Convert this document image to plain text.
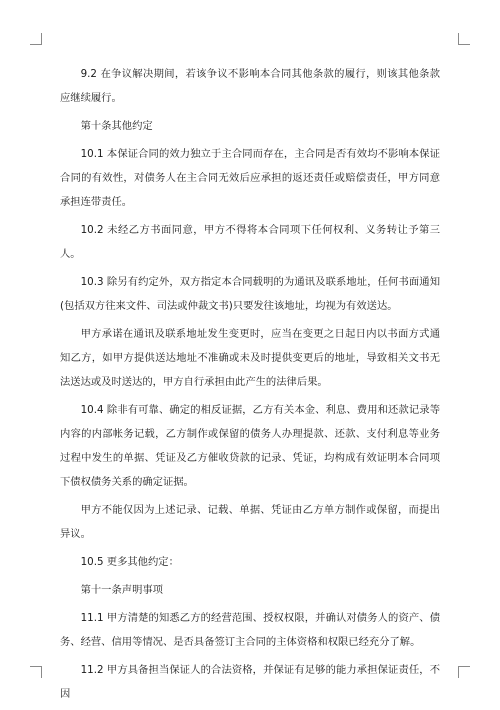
9.2 在争议解决期间，若该争议不影响本合同其他条款的履行，则该其他条款应继续履行。

第十条其他约定

10.1 本保证合同的效力独立于主合同而存在，主合同是否有效均不影响本保证合同的有效性，对债务人在主合同无效后应承担的返还责任或赔偿责任，甲方同意承担连带责任。

10.2 未经乙方书面同意，甲方不得将本合同项下任何权利、义务转让予第三人。

10.3 除另有约定外，双方指定本合同载明的为通讯及联系地址，任何书面通知(包括双方往来文件、司法或仲裁文书)只要发往该地址，均视为有效送达。

甲方承诺在通讯及联系地址发生变更时，应当在变更之日起日内以书面方式通知乙方，如甲方提供送达地址不准确或未及时提供变更后的地址，导致相关文书无法送达或及时送达的，甲方自行承担由此产生的法律后果。

10.4 除非有可靠、确定的相反证据，乙方有关本金、利息、费用和还款记录等内容的内部帐务记载，乙方制作或保留的债务人办理提款、还款、支付利息等业务过程中发生的单据、凭证及乙方催收贷款的记录、凭证，均构成有效证明本合同项下债权债务关系的确定证据。

甲方不能仅因为上述记录、记载、单据、凭证由乙方单方制作或保留，而提出异议。

10.5 更多其他约定：

第十一条声明事项

11.1 甲方清楚的知悉乙方的经营范围、授权权限，并确认对债务人的资产、债务、经营、信用等情况、是否具备签订主合同的主体资格和权限已经充分了解。

11.2 甲方具备担当保证人的合法资格，并保证有足够的能力承担保证责任，不因
